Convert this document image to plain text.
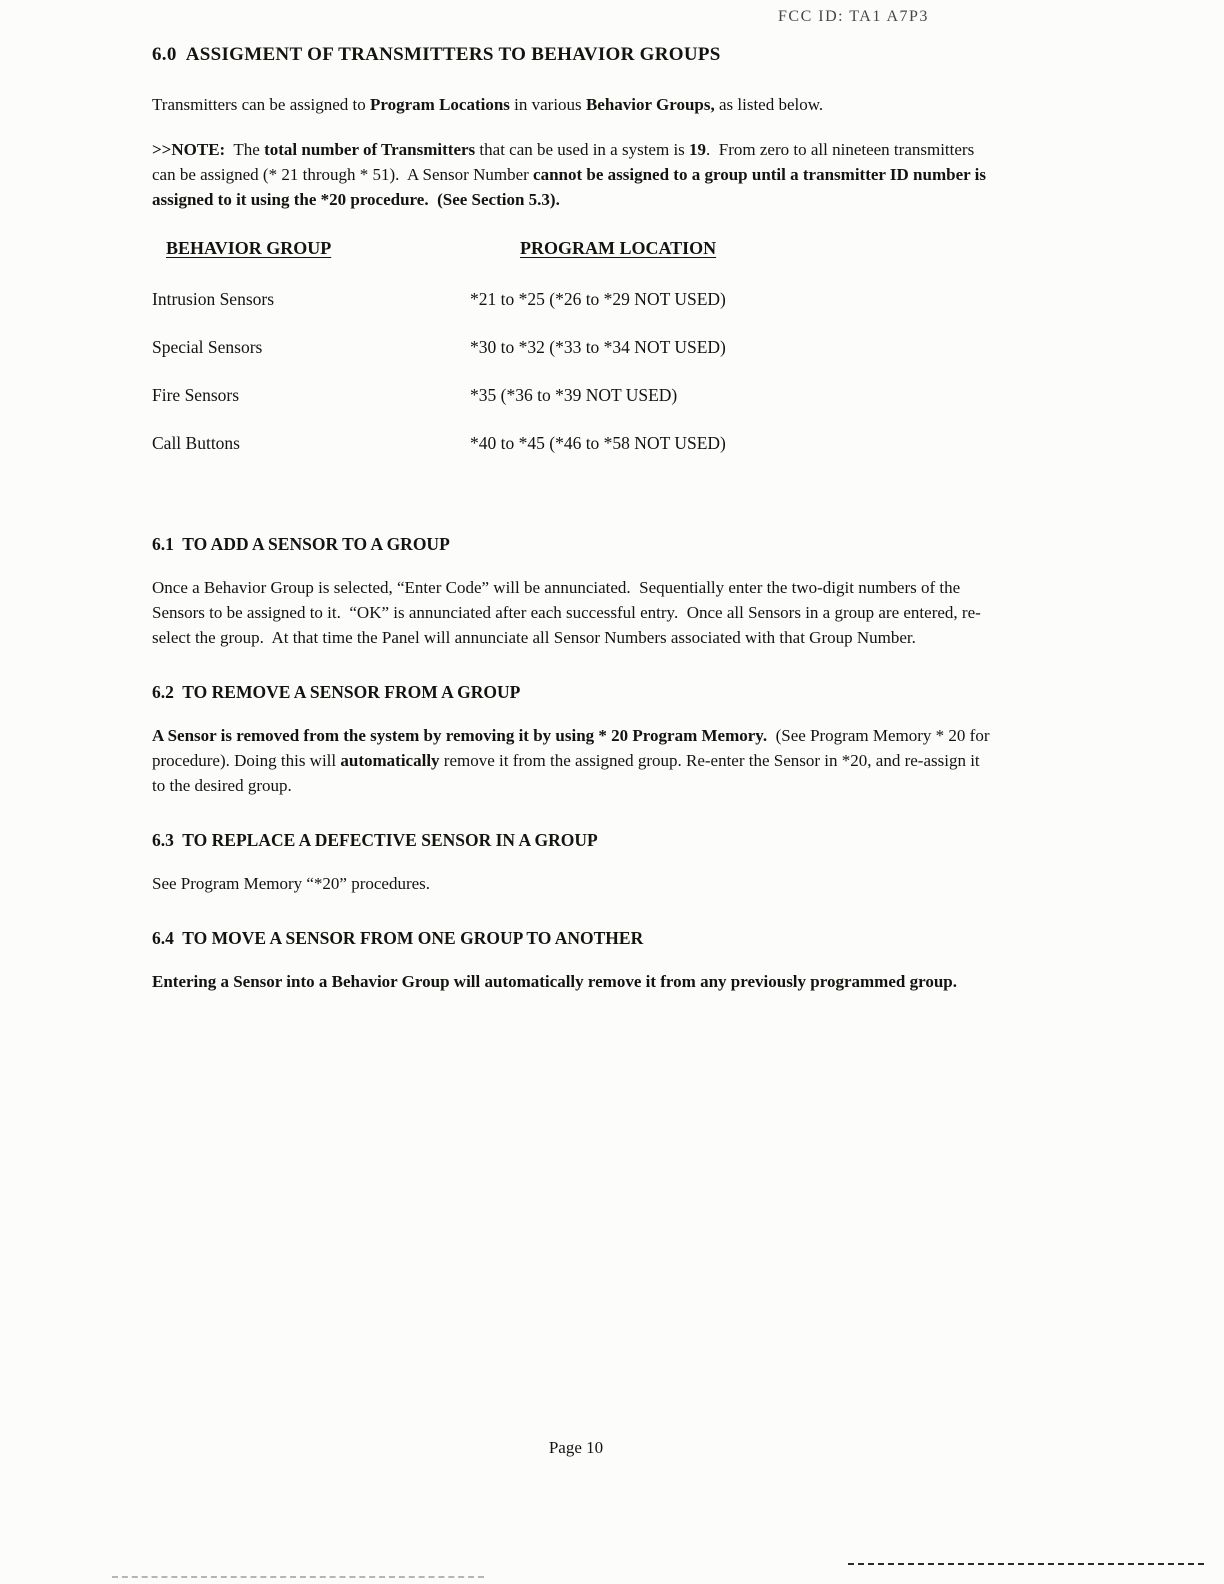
FCC ID: TA1 A7P3
6.0  ASSIGMENT OF TRANSMITTERS TO BEHAVIOR GROUPS

Transmitters can be assigned to Program Locations in various Behavior Groups, as listed below.

>>NOTE:  The total number of Transmitters that can be used in a system is 19.  From zero to all nineteen transmitters can be assigned (* 21 through * 51).  A Sensor Number cannot be assigned to a group until a transmitter ID number is assigned to it using the *20 procedure.  (See Section 5.3).

BEHAVIOR GROUP	PROGRAM LOCATION
Intrusion Sensors	*21 to *25 (*26 to *29 NOT USED)
Special Sensors	*30 to *32 (*33 to *34 NOT USED)
Fire Sensors	*35 (*36 to *39 NOT USED)
Call Buttons	*40 to *45 (*46 to *58 NOT USED)
6.1  TO ADD A SENSOR TO A GROUP

Once a Behavior Group is selected, “Enter Code” will be annunciated.  Sequentially enter the two-digit numbers of the Sensors to be assigned to it.  “OK” is annunciated after each successful entry.  Once all Sensors in a group are entered, re-select the group.  At that time the Panel will annunciate all Sensor Numbers associated with that Group Number.

6.2  TO REMOVE A SENSOR FROM A GROUP

A Sensor is removed from the system by removing it by using * 20 Program Memory.  (See Program Memory * 20 for procedure). Doing this will automatically remove it from the assigned group. Re-enter the Sensor in *20, and re-assign it to the desired group.

6.3  TO REPLACE A DEFECTIVE SENSOR IN A GROUP

See Program Memory “*20” procedures.

6.4  TO MOVE A SENSOR FROM ONE GROUP TO ANOTHER

Entering a Sensor into a Behavior Group will automatically remove it from any previously programmed group.

Page 10
